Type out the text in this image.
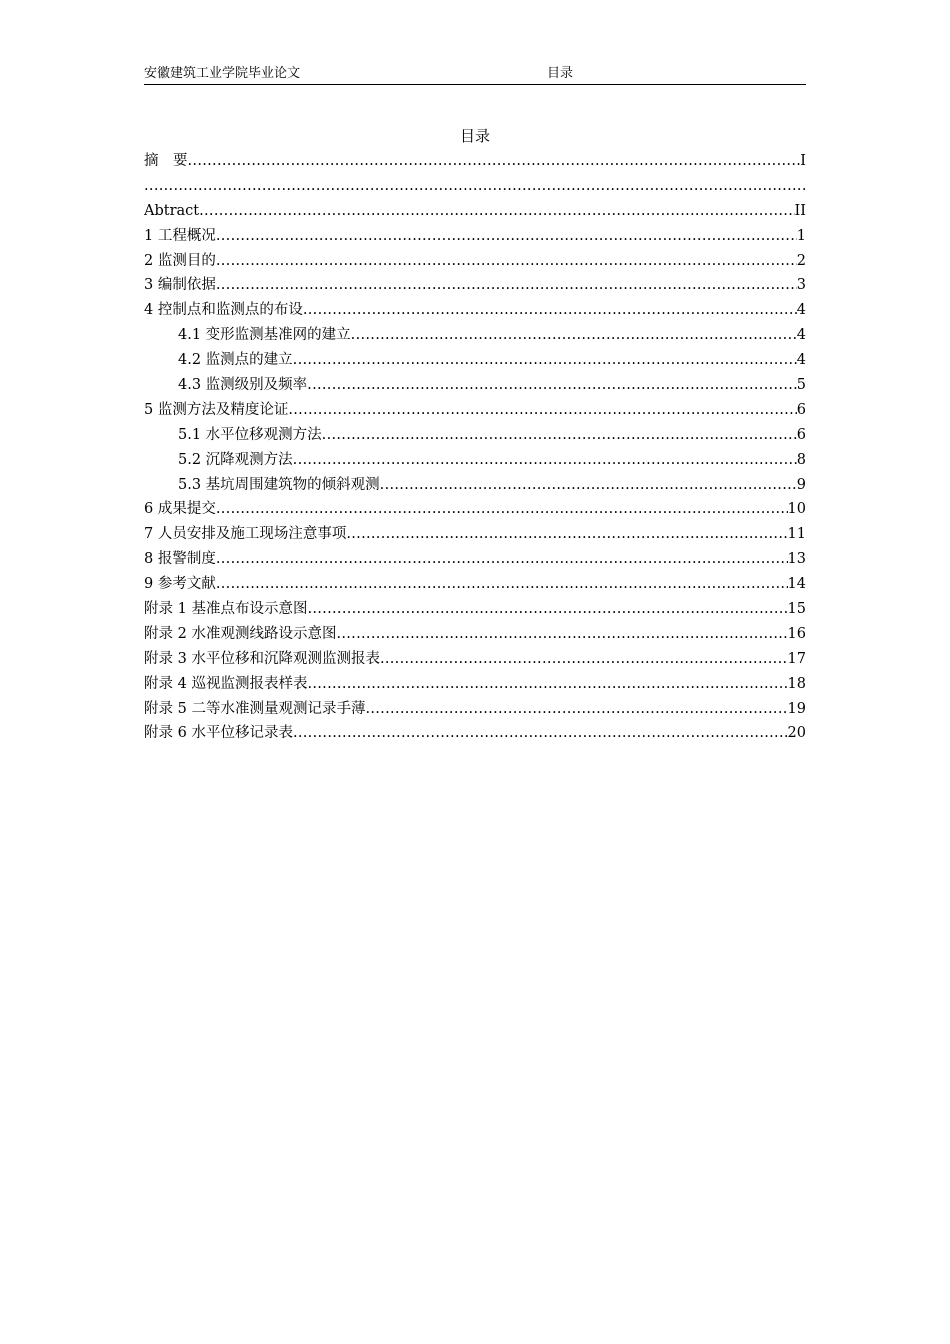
安徽建筑工业学院毕业论文	目录
目录
摘　要 .....	I
.....
Abtract .....	II
1 工程概况 .....	1
2 监测目的 .....	2
3 编制依据 .....	3
4 控制点和监测点的布设 .....	4
4.1 变形监测基准网的建立 .....	4
4.2 监测点的建立 .....	4
4.3 监测级别及频率 .....	5
5 监测方法及精度论证 .....	6
5.1 水平位移观测方法 .....	6
5.2 沉降观测方法 .....	8
5.3 基坑周围建筑物的倾斜观测 .....	9
6 成果提交 .....	10
7 人员安排及施工现场注意事项 .....	11
8 报警制度 .....	13
9 参考文献 .....	14
附录 1 基准点布设示意图 .....	15
附录 2 水准观测线路设示意图 .....	16
附录 3 水平位移和沉降观测监测报表 .....	17
附录 4 巡视监测报表样表 .....	18
附录 5 二等水准测量观测记录手薄 .....	19
附录 6 水平位移记录表 .....	20
